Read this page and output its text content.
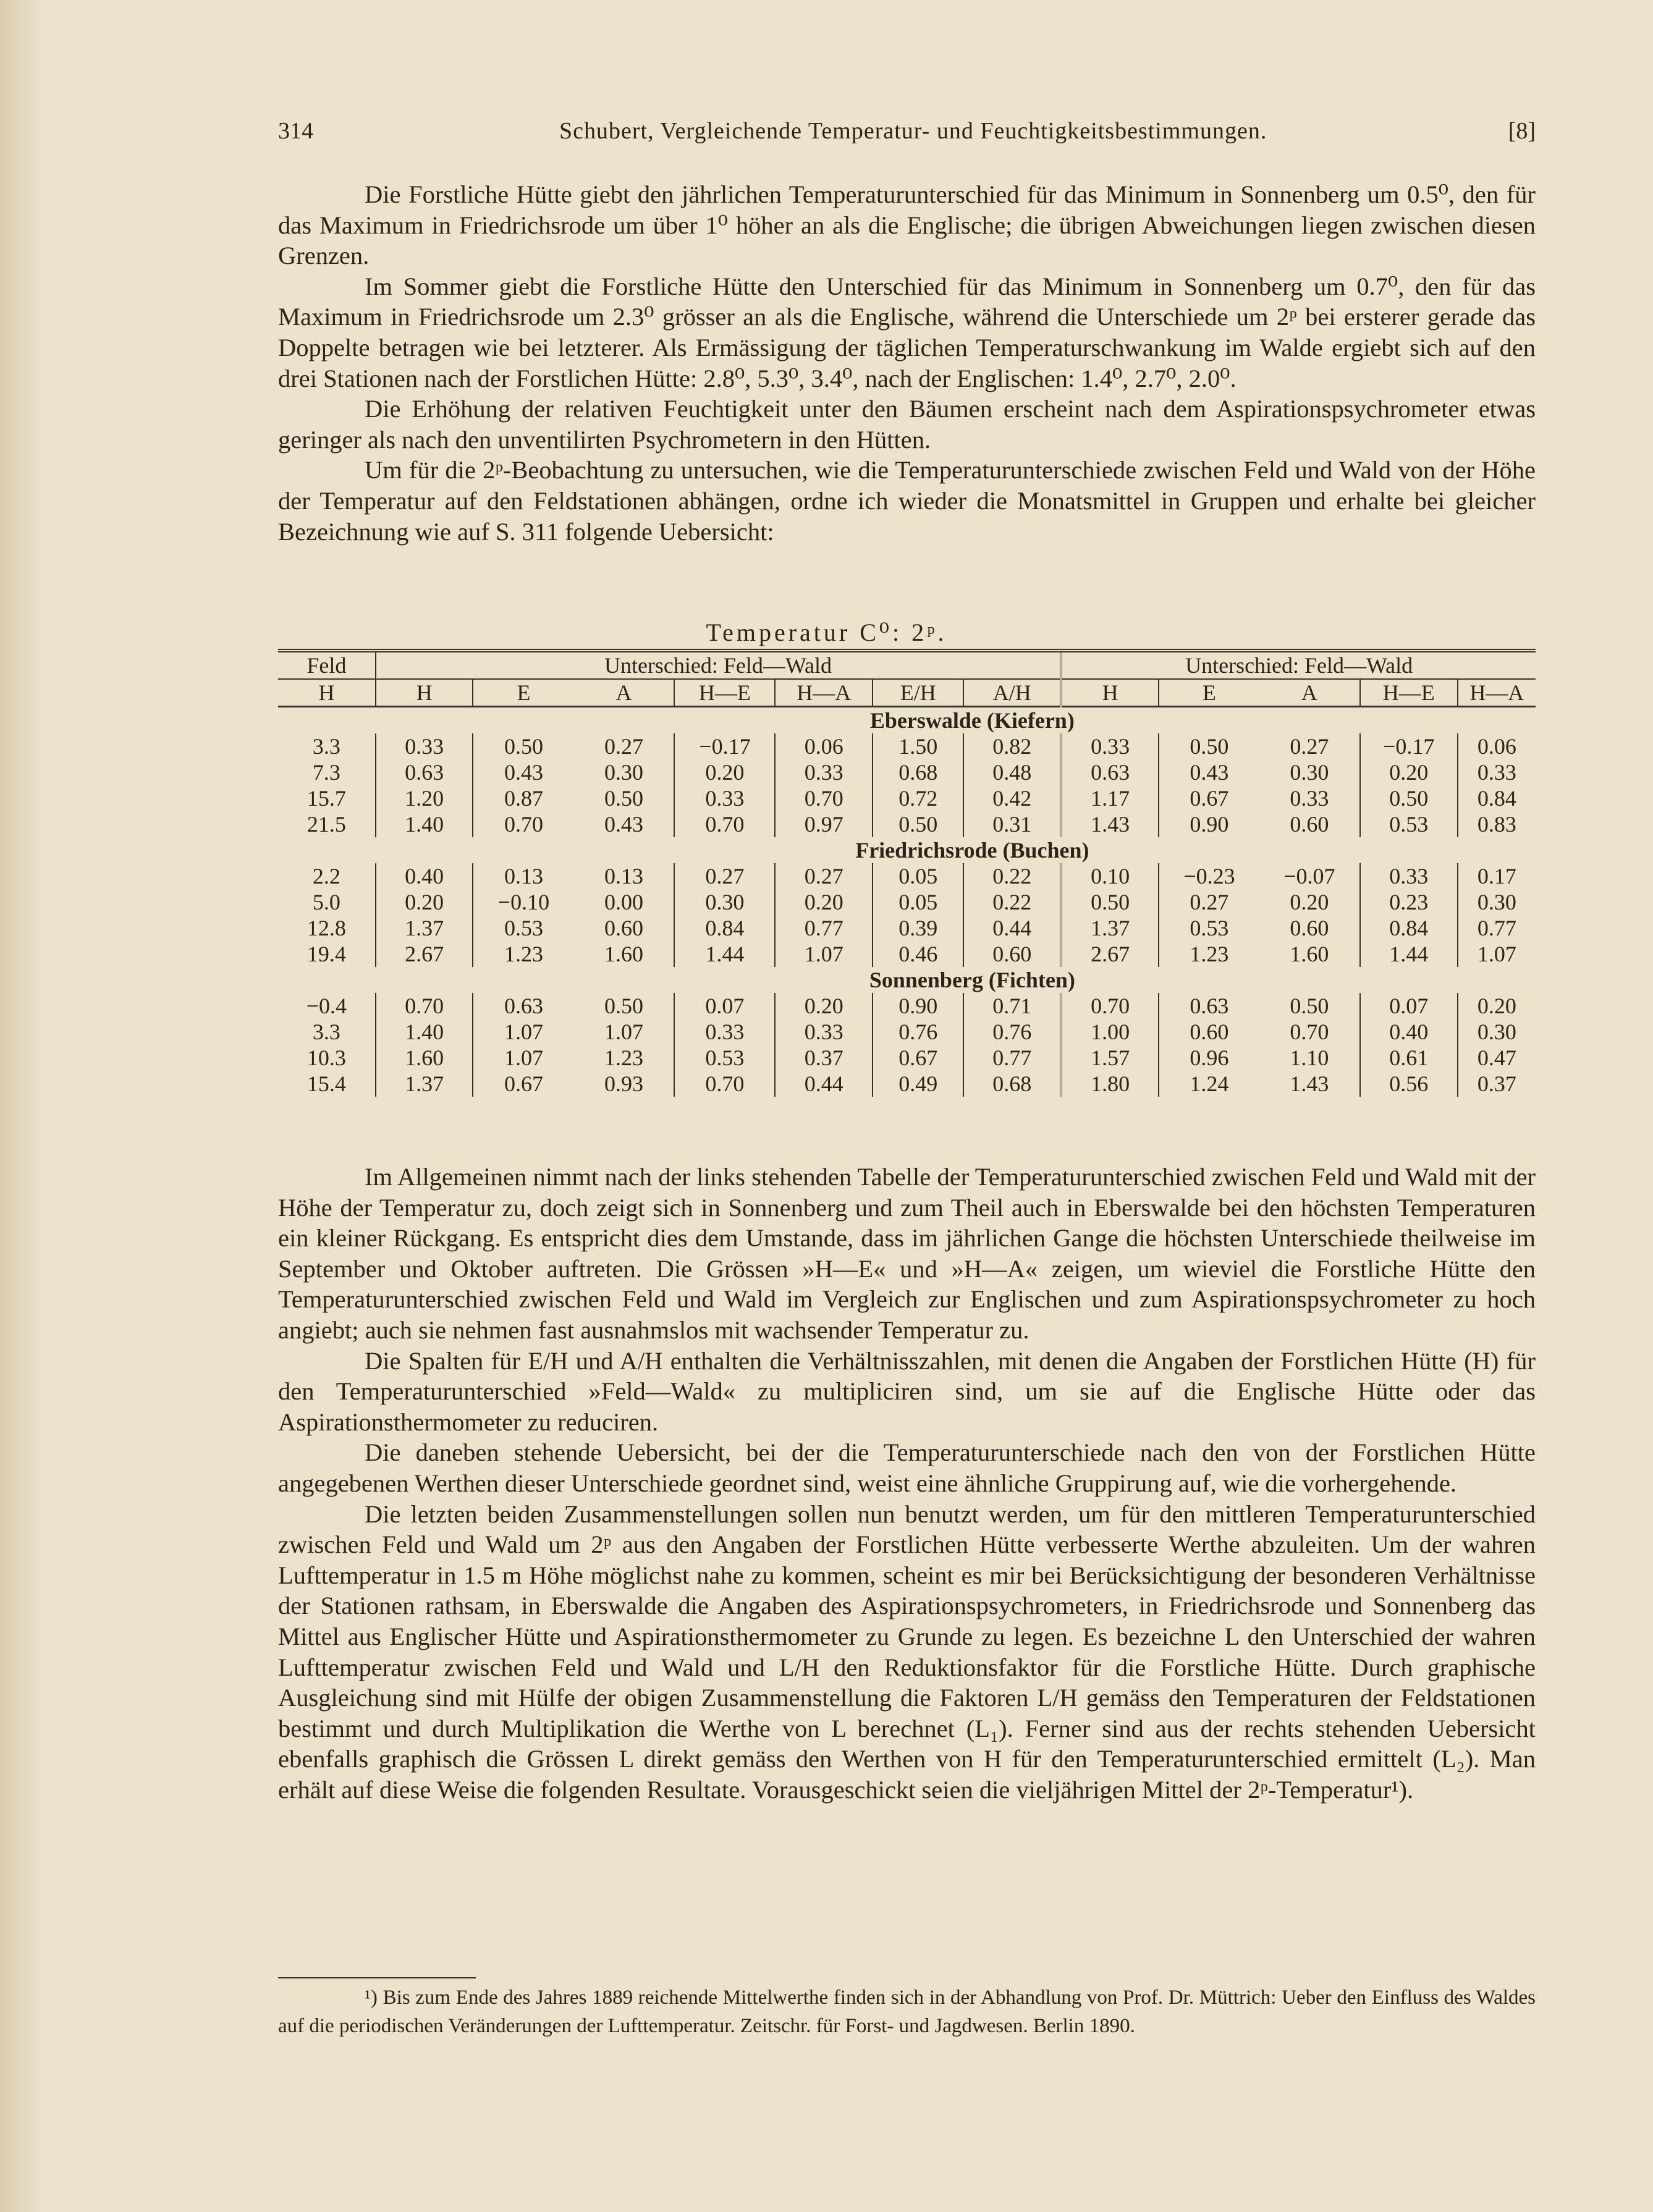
314	Schubert, Vergleichende Temperatur- und Feuchtigkeitsbestimmungen.	[8]

Die Forstliche Hütte giebt den jährlichen Temperaturunterschied für das Minimum in Sonnenberg um 0.5⁰, den für das Maximum in Friedrichsrode um über 1⁰ höher an als die Englische; die übrigen Abweichungen liegen zwischen diesen Grenzen.

Im Sommer giebt die Forstliche Hütte den Unterschied für das Minimum in Sonnenberg um 0.7⁰, den für das Maximum in Friedrichsrode um 2.3⁰ grösser an als die Englische, während die Unterschiede um 2ᵖ bei ersterer gerade das Doppelte betragen wie bei letzterer. Als Ermässigung der täglichen Temperaturschwankung im Walde ergiebt sich auf den drei Stationen nach der Forstlichen Hütte: 2.8⁰, 5.3⁰, 3.4⁰, nach der Englischen: 1.4⁰, 2.7⁰, 2.0⁰.

Die Erhöhung der relativen Feuchtigkeit unter den Bäumen erscheint nach dem Aspirationspsychrometer etwas geringer als nach den unventilirten Psychrometern in den Hütten.

Um für die 2ᵖ-Beobachtung zu untersuchen, wie die Temperaturunterschiede zwischen Feld und Wald von der Höhe der Temperatur auf den Feldstationen abhängen, ordne ich wieder die Monatsmittel in Gruppen und erhalte bei gleicher Bezeichnung wie auf S. 311 folgende Uebersicht:

Temperatur C⁰: 2ᵖ.
Feld	Unterschied: Feld—Wald							Unterschied: Feld—Wald				
H	H	E	A	H—E	H—A	E/H	A/H	H	E	A	H—E	H—A
	Eberswalde (Kiefern)											
3.3	0.33	0.50	0.27	−0.17	0.06	1.50	0.82	0.33	0.50	0.27	−0.17	0.06
7.3	0.63	0.43	0.30	0.20	0.33	0.68	0.48	0.63	0.43	0.30	0.20	0.33
15.7	1.20	0.87	0.50	0.33	0.70	0.72	0.42	1.17	0.67	0.33	0.50	0.84
21.5	1.40	0.70	0.43	0.70	0.97	0.50	0.31	1.43	0.90	0.60	0.53	0.83
	Friedrichsrode (Buchen)											
2.2	0.40	0.13	0.13	0.27	0.27	0.05	0.22	0.10	−0.23	−0.07	0.33	0.17
5.0	0.20	−0.10	0.00	0.30	0.20	0.05	0.22	0.50	0.27	0.20	0.23	0.30
12.8	1.37	0.53	0.60	0.84	0.77	0.39	0.44	1.37	0.53	0.60	0.84	0.77
19.4	2.67	1.23	1.60	1.44	1.07	0.46	0.60	2.67	1.23	1.60	1.44	1.07
	Sonnenberg (Fichten)											
−0.4	0.70	0.63	0.50	0.07	0.20	0.90	0.71	0.70	0.63	0.50	0.07	0.20
3.3	1.40	1.07	1.07	0.33	0.33	0.76	0.76	1.00	0.60	0.70	0.40	0.30
10.3	1.60	1.07	1.23	0.53	0.37	0.67	0.77	1.57	0.96	1.10	0.61	0.47
15.4	1.37	0.67	0.93	0.70	0.44	0.49	0.68	1.80	1.24	1.43	0.56	0.37

Im Allgemeinen nimmt nach der links stehenden Tabelle der Temperaturunterschied zwischen Feld und Wald mit der Höhe der Temperatur zu, doch zeigt sich in Sonnenberg und zum Theil auch in Eberswalde bei den höchsten Temperaturen ein kleiner Rückgang. Es entspricht dies dem Umstande, dass im jährlichen Gange die höchsten Unterschiede theilweise im September und Oktober auftreten. Die Grössen »H—E« und »H—A« zeigen, um wieviel die Forstliche Hütte den Temperaturunterschied zwischen Feld und Wald im Vergleich zur Englischen und zum Aspirationspsychrometer zu hoch angiebt; auch sie nehmen fast ausnahmslos mit wachsender Temperatur zu.

Die Spalten für E/H und A/H enthalten die Verhältnisszahlen, mit denen die Angaben der Forstlichen Hütte (H) für den Temperaturunterschied »Feld—Wald« zu multipliciren sind, um sie auf die Englische Hütte oder das Aspirationsthermometer zu reduciren.

Die daneben stehende Uebersicht, bei der die Temperaturunterschiede nach den von der Forstlichen Hütte angegebenen Werthen dieser Unterschiede geordnet sind, weist eine ähnliche Gruppirung auf, wie die vorhergehende.

Die letzten beiden Zusammenstellungen sollen nun benutzt werden, um für den mittleren Temperaturunterschied zwischen Feld und Wald um 2ᵖ aus den Angaben der Forstlichen Hütte verbesserte Werthe abzuleiten. Um der wahren Lufttemperatur in 1.5 m Höhe möglichst nahe zu kommen, scheint es mir bei Berücksichtigung der besonderen Verhältnisse der Stationen rathsam, in Eberswalde die Angaben des Aspirationspsychrometers, in Friedrichsrode und Sonnenberg das Mittel aus Englischer Hütte und Aspirationsthermometer zu Grunde zu legen. Es bezeichne L den Unterschied der wahren Lufttemperatur zwischen Feld und Wald und L/H den Reduktionsfaktor für die Forstliche Hütte. Durch graphische Ausgleichung sind mit Hülfe der obigen Zusammenstellung die Faktoren L/H gemäss den Temperaturen der Feldstationen bestimmt und durch Multiplikation die Werthe von L berechnet (L₁). Ferner sind aus der rechts stehenden Uebersicht ebenfalls graphisch die Grössen L direkt gemäss den Werthen von H für den Temperaturunterschied ermittelt (L₂). Man erhält auf diese Weise die folgenden Resultate. Vorausgeschickt seien die vieljährigen Mittel der 2ᵖ-Temperatur¹).

¹) Bis zum Ende des Jahres 1889 reichende Mittelwerthe finden sich in der Abhandlung von Prof. Dr. Müttrich: Ueber den Einfluss des Waldes auf die periodischen Veränderungen der Lufttemperatur. Zeitschr. für Forst- und Jagdwesen. Berlin 1890.
